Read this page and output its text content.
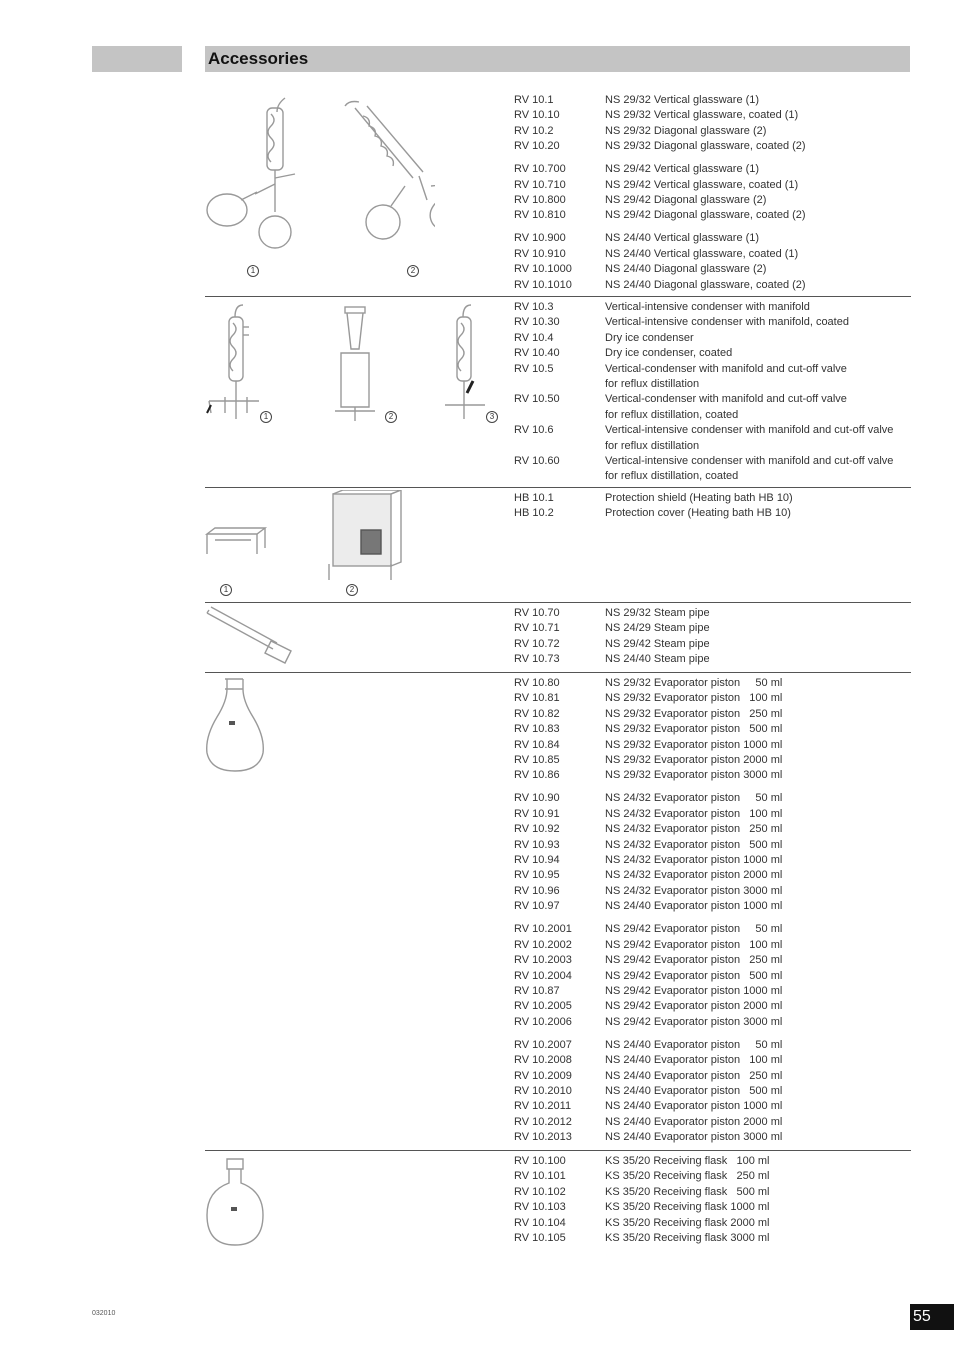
Accessories
1	2
RV 10.1	NS 29/32 Vertical glassware (1)
RV 10.10	NS 29/32 Vertical glassware, coated (1)
RV 10.2	NS 29/32 Diagonal glassware (2)
RV 10.20	NS 29/32 Diagonal glassware, coated (2)
RV 10.700	NS 29/42 Vertical glassware (1)
RV 10.710	NS 29/42 Vertical glassware, coated (1)
RV 10.800	NS 29/42 Diagonal glassware (2)
RV 10.810	NS 29/42 Diagonal glassware, coated (2)
RV 10.900	NS 24/40 Vertical glassware (1)
RV 10.910	NS 24/40 Vertical glassware, coated (1)
RV 10.1000	NS 24/40 Diagonal glassware (2)
RV 10.1010	NS 24/40 Diagonal glassware, coated (2)
1	2	3
RV 10.3	Vertical-intensive condenser with manifold
RV 10.30	Vertical-intensive condenser with manifold, coated
RV 10.4	Dry ice condenser
RV 10.40	Dry ice condenser, coated
RV 10.5	Vertical-condenser with manifold and cut-off valve
for reflux distillation
RV 10.50	Vertical-condenser with manifold and cut-off valve
for reflux distillation, coated
RV 10.6	Vertical-intensive condenser with manifold and cut-off valve
for reflux distillation
RV 10.60	Vertical-intensive condenser with manifold and cut-off valve
for reflux distillation, coated
1	2
HB 10.1	Protection shield (Heating bath HB 10)
HB 10.2	Protection cover (Heating bath HB 10)
RV 10.70	NS 29/32 Steam pipe
RV 10.71	NS 24/29 Steam pipe
RV 10.72	NS 29/42 Steam pipe
RV 10.73	NS 24/40 Steam pipe
RV 10.80	NS 29/32 Evaporator piston     50 ml
RV 10.81	NS 29/32 Evaporator piston   100 ml
RV 10.82	NS 29/32 Evaporator piston   250 ml
RV 10.83	NS 29/32 Evaporator piston   500 ml
RV 10.84	NS 29/32 Evaporator piston 1000 ml
RV 10.85	NS 29/32 Evaporator piston 2000 ml
RV 10.86	NS 29/32 Evaporator piston 3000 ml
RV 10.90	NS 24/32 Evaporator piston     50 ml
RV 10.91	NS 24/32 Evaporator piston   100 ml
RV 10.92	NS 24/32 Evaporator piston   250 ml
RV 10.93	NS 24/32 Evaporator piston   500 ml
RV 10.94	NS 24/32 Evaporator piston 1000 ml
RV 10.95	NS 24/32 Evaporator piston 2000 ml
RV 10.96	NS 24/32 Evaporator piston 3000 ml
RV 10.97	NS 24/40 Evaporator piston 1000 ml
RV 10.2001	NS 29/42 Evaporator piston     50 ml
RV 10.2002	NS 29/42 Evaporator piston   100 ml
RV 10.2003	NS 29/42 Evaporator piston   250 ml
RV 10.2004	NS 29/42 Evaporator piston   500 ml
RV 10.87	NS 29/42 Evaporator piston 1000 ml
RV 10.2005	NS 29/42 Evaporator piston 2000 ml
RV 10.2006	NS 29/42 Evaporator piston 3000 ml
RV 10.2007	NS 24/40 Evaporator piston     50 ml
RV 10.2008	NS 24/40 Evaporator piston   100 ml
RV 10.2009	NS 24/40 Evaporator piston   250 ml
RV 10.2010	NS 24/40 Evaporator piston   500 ml
RV 10.2011	NS 24/40 Evaporator piston 1000 ml
RV 10.2012	NS 24/40 Evaporator piston 2000 ml
RV 10.2013	NS 24/40 Evaporator piston 3000 ml
RV 10.100	KS 35/20 Receiving flask   100 ml
RV 10.101	KS 35/20 Receiving flask   250 ml
RV 10.102	KS 35/20 Receiving flask   500 ml
RV 10.103	KS 35/20 Receiving flask 1000 ml
RV 10.104	KS 35/20 Receiving flask 2000 ml
RV 10.105	KS 35/20 Receiving flask 3000 ml
032010	55
